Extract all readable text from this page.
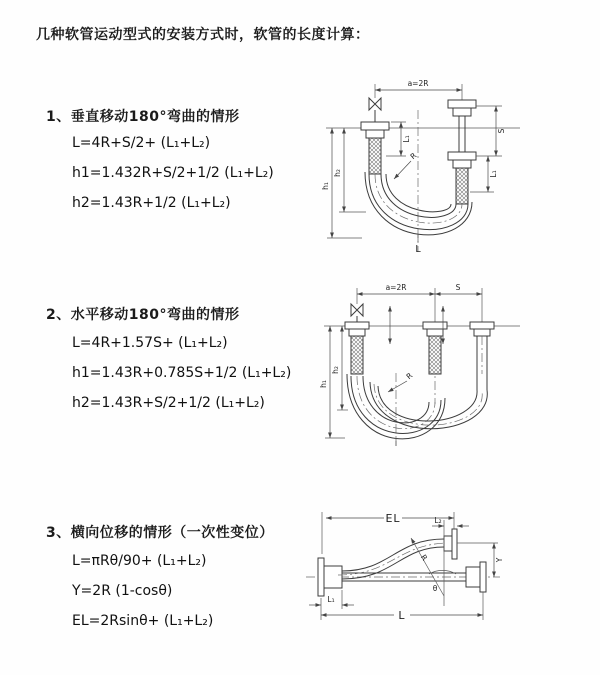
几种软管运动型式的安装方式时，软管的长度计算：
1、垂直移动180°弯曲的情形
L=4R+S/2+ (L₁+L₂)
h1=1.432R+S/2+1/2 (L₁+L₂)
h2=1.43R+1/2 (L₁+L₂)
2、水平移动180°弯曲的情形
L=4R+1.57S+ (L₁+L₂)
h1=1.43R+0.785S+1/2 (L₁+L₂)
h2=1.43R+S/2+1/2 (L₁+L₂)
3、横向位移的情形（一次性变位）
L=πRθ/90+ (L₁+L₂)
Y=2R (1-cosθ)
EL=2Rsinθ+ (L₁+L₂)
a=2R
h₁
h₂
S
L₁
L₁
R
L
a=2R	S
h₁
h₂
R
EL	L₂
Y
L
L₁
R
θ
